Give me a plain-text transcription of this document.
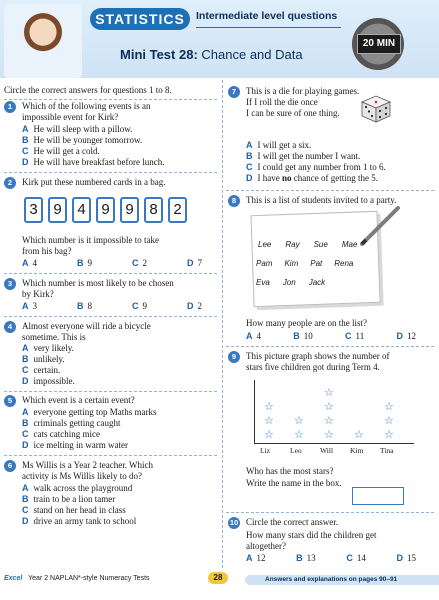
STATISTICS	Intermediate level questions
Mini Test 28: Chance and Data
20 MIN
Circle the correct answers for questions 1 to 8.
1	Which of the following events is an
impossible event for Kirk?
A He will sleep with a pillow.
B He will be younger tomorrow.
C He will get a cold.
D He will have breakfast before lunch.
2	Kirk put these numbered cards in a bag.
3	9	4	9	9	8	2
Which number is it impossible to take
from his bag?
A 4	B 9	C 2	D 7
3	Which number is most likely to be chosen
by Kirk?
A 3	B 8	C 9	D 2
4	Almost everyone will ride a bicycle
sometime. This is
A very likely.
B unlikely.
C certain.
D impossible.
5	Which event is a certain event?
A everyone getting top Maths marks
B criminals getting caught
C cats catching mice
D ice melting in warm water
6	Ms Willis is a Year 2 teacher. Which
activity is Ms Willis likely to do?
A walk across the playground
B train to be a lion tamer
C stand on her head in class
D drive an army tank to school
7	This is a die for playing games.
If I roll the die once
I can be sure of one thing.
A I will get a six.
B I will get the number I want.
C I could get any number from 1 to 6.
D I have no chance of getting the 5.
8	This is a list of students invited to a party.
Lee Ray Sue Mae
Pam Kim Pat Rena
Eva Jon Jack
How many people are on the list?
A 4	B 10	C 11	D 12
9	This picture graph shows the number of
stars five children got during Term 4.
☆
☆
☆
Liz
☆
☆
Leo
☆
☆
☆
☆
Will
☆
Kim
☆
☆
☆
Tina
Who has the most stars?
Write the name in the box.
10 Circle the correct answer.
How many stars did the children get
altogether?
A 12	B 13	C 14	D 15
Excel Year 2 NAPLAN*-style Numeracy Tests	28	Answers and explanations on pages 90–91
